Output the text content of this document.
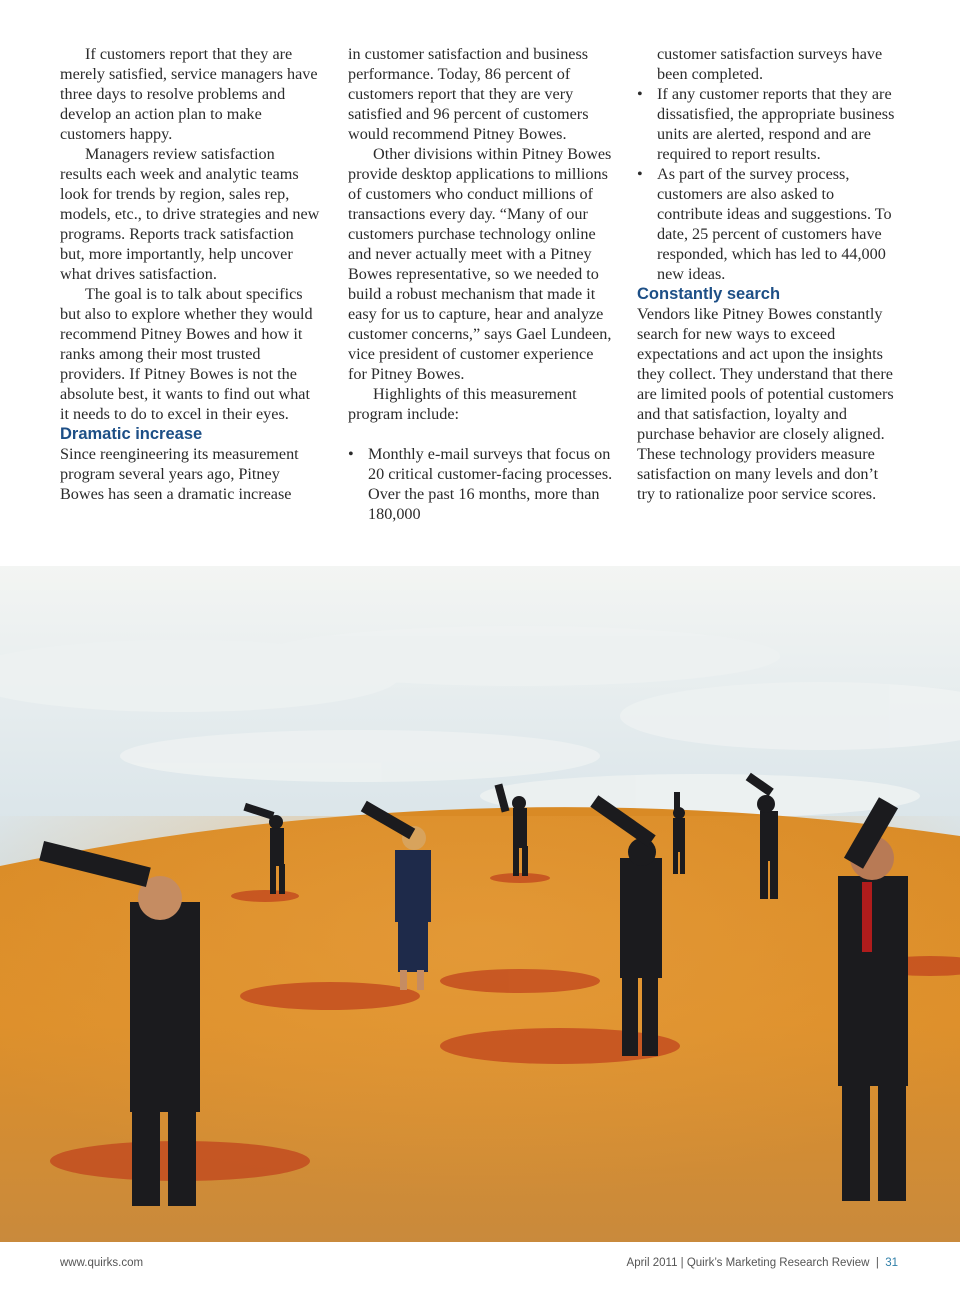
If customers report that they are merely satisfied, service managers have three days to resolve problems and develop an action plan to make customers happy.

Managers review satisfaction results each week and analytic teams look for trends by region, sales rep, models, etc., to drive strategies and new programs. Reports track satisfaction but, more importantly, help uncover what drives satisfaction.

The goal is to talk about specifics but also to explore whether they would recommend Pitney Bowes and how it ranks among their most trusted providers. If Pitney Bowes is not the absolute best, it wants to find out what it needs to do to excel in their eyes.

Dramatic increase

Since reengineering its measurement program several years ago, Pitney Bowes has seen a dramatic increase

in customer satisfaction and business performance. Today, 86 percent of customers report that they are very satisfied and 96 percent of customers would recommend Pitney Bowes.

Other divisions within Pitney Bowes provide desktop applications to millions of customers who conduct millions of transactions every day. “Many of our customers purchase technology online and never actually meet with a Pitney Bowes representative, so we needed to build a robust mechanism that made it easy for us to capture, hear and analyze customer concerns,” says Gael Lundeen, vice president of customer experience for Pitney Bowes.

Highlights of this measurement program include:

• Monthly e-mail surveys that focus on 20 critical customer-facing processes. Over the past 16 months, more than 180,000

customer satisfaction surveys have been completed.

• If any customer reports that they are dissatisfied, the appropriate business units are alerted, respond and are required to report results.

• As part of the survey process, customers are also asked to contribute ideas and suggestions. To date, 25 percent of customers have responded, which has led to 44,000 new ideas.

Constantly search

Vendors like Pitney Bowes constantly search for new ways to exceed expectations and act upon the insights they collect. They understand that there are limited pools of potential customers and that satisfaction, loyalty and purchase behavior are closely aligned. These technology providers measure satisfaction on many levels and don’t try to rationalize poor service scores.

www.quirks.com	April 2011 | Quirk’s Marketing Research Review | 31
